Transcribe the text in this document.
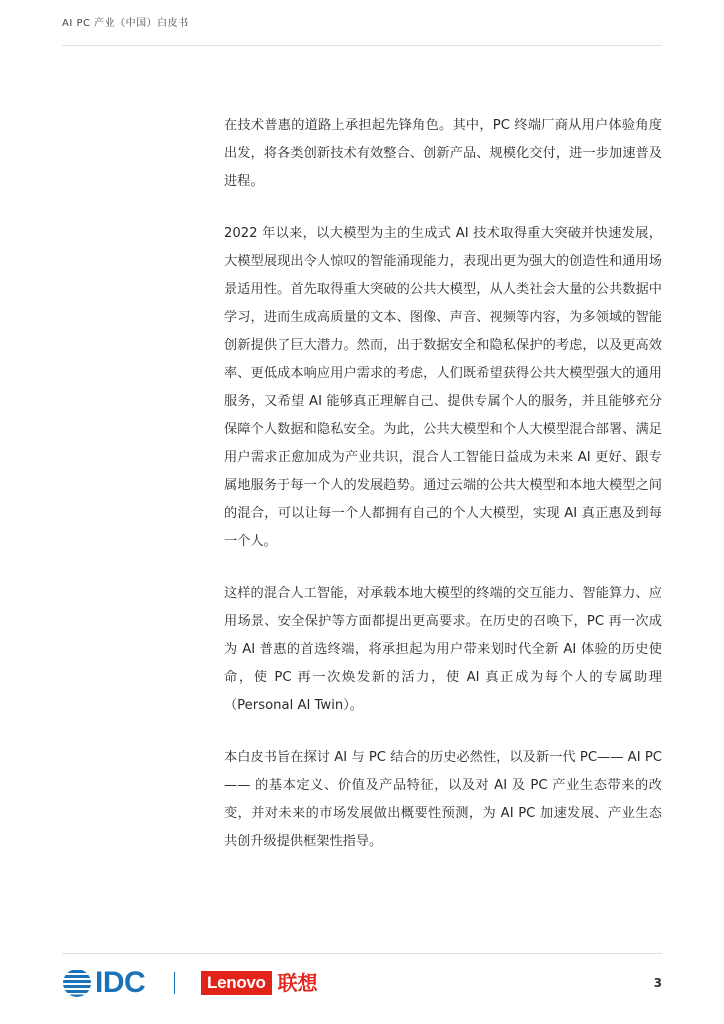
AI PC 产业（中国）白皮书

在技术普惠的道路上承担起先锋角色。其中，PC 终端厂商从用户体验角度出发，将各类创新技术有效整合、创新产品、规模化交付，进一步加速普及进程。

2022 年以来，以大模型为主的生成式 AI 技术取得重大突破并快速发展，大模型展现出令人惊叹的智能涌现能力，表现出更为强大的创造性和通用场景适用性。首先取得重大突破的公共大模型，从人类社会大量的公共数据中学习，进而生成高质量的文本、图像、声音、视频等内容，为多领域的智能创新提供了巨大潜力。然而，出于数据安全和隐私保护的考虑，以及更高效率、更低成本响应用户需求的考虑，人们既希望获得公共大模型强大的通用服务，又希望 AI 能够真正理解自己、提供专属个人的服务，并且能够充分保障个人数据和隐私安全。为此，公共大模型和个人大模型混合部署、满足用户需求正愈加成为产业共识，混合人工智能日益成为未来 AI 更好、跟专属地服务于每一个人的发展趋势。通过云端的公共大模型和本地大模型之间的混合，可以让每一个人都拥有自己的个人大模型，实现 AI 真正惠及到每一个人。

这样的混合人工智能，对承载本地大模型的终端的交互能力、智能算力、应用场景、安全保护等方面都提出更高要求。在历史的召唤下，PC 再一次成为 AI 普惠的首选终端，将承担起为用户带来划时代全新 AI 体验的历史使命，使 PC 再一次焕发新的活力，使 AI 真正成为每个人的专属助理（Personal AI Twin）。

本白皮书旨在探讨 AI 与 PC 结合的历史必然性，以及新一代 PC—— AI PC—— 的基本定义、价值及产品特征，以及对 AI 及 PC 产业生态带来的改变，并对未来的市场发展做出概要性预测，为 AI PC 加速发展、产业生态共创升级提供框架性指导。

IDC	Lenovo 联想	3
